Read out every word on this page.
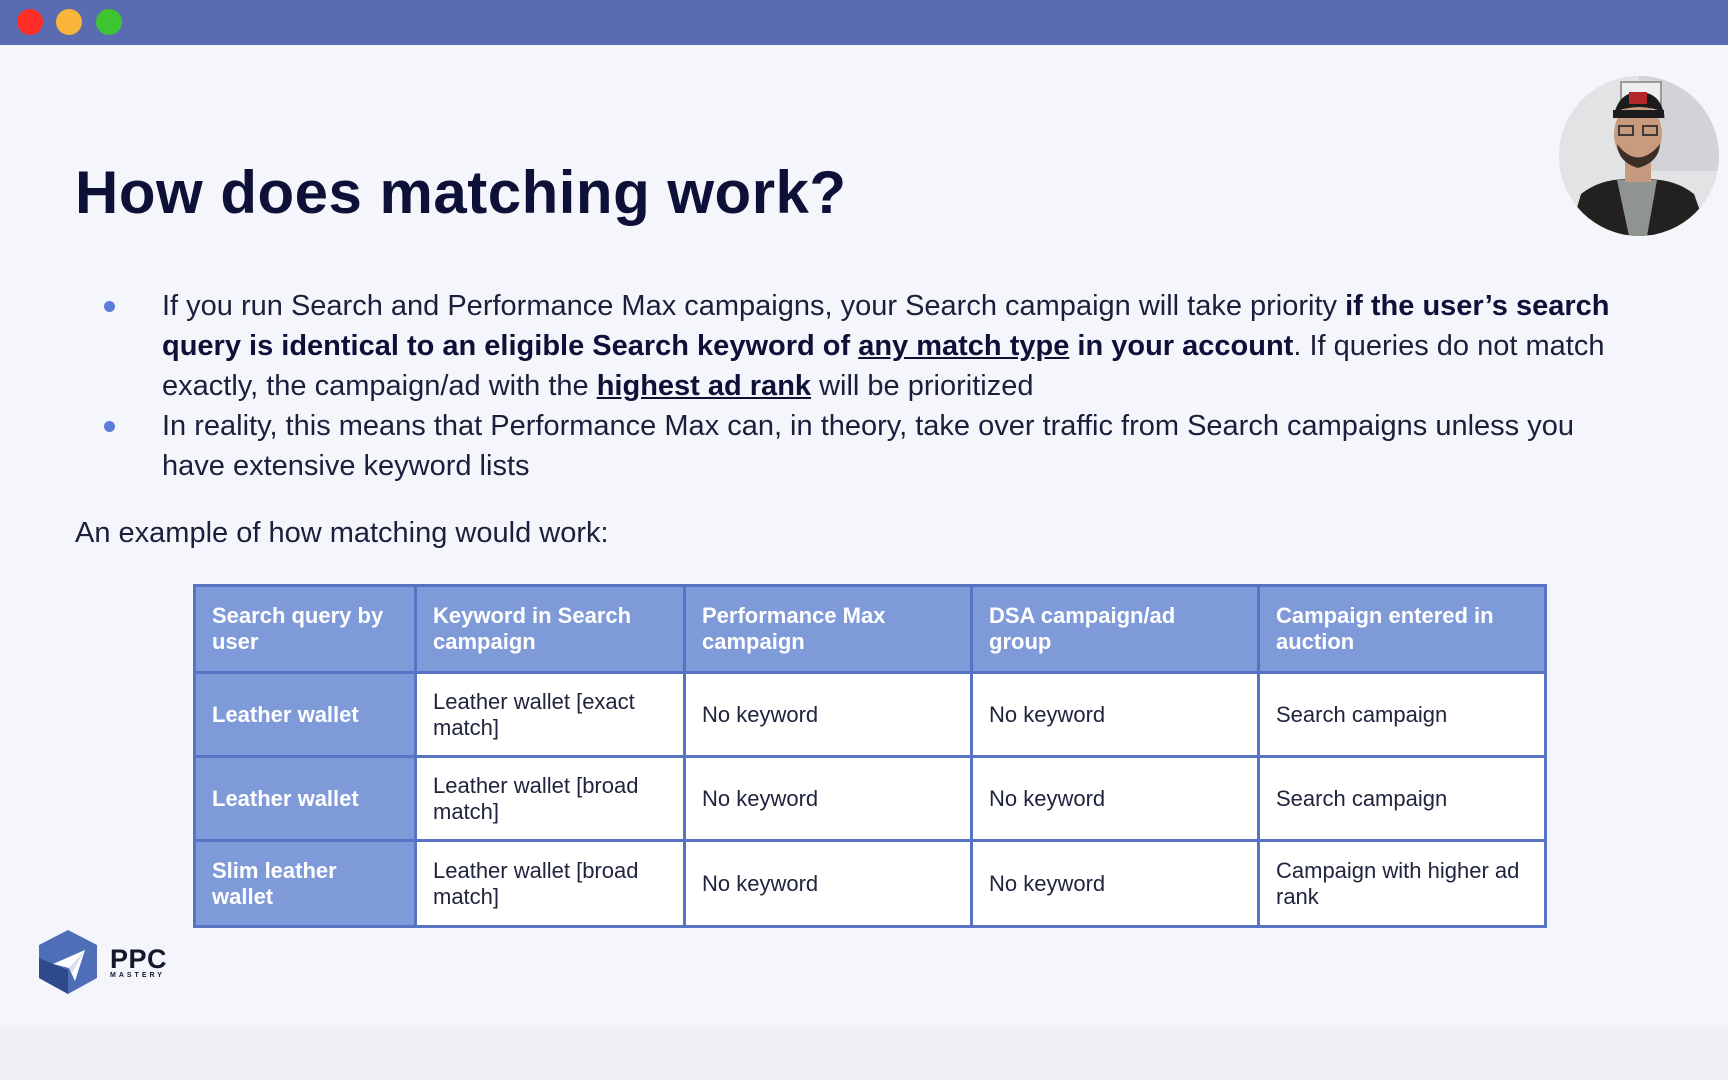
How does matching work?
If you run Search and Performance Max campaigns, your Search campaign will take priority if the user’s search query is identical to an eligible Search keyword of any match type in your account. If queries do not match exactly, the campaign/ad with the highest ad rank will be prioritized
In reality, this means that Performance Max can, in theory, take over traffic from Search campaigns unless you have extensive keyword lists
An example of how matching would work:
Search query by user	Keyword in Search campaign	Performance Max campaign	DSA campaign/ad group	Campaign entered in auction
Leather wallet	Leather wallet [exact match]	No keyword	No keyword	Search campaign
Leather wallet	Leather wallet [broad match]	No keyword	No keyword	Search campaign
Slim leather wallet	Leather wallet [broad match]	No keyword	No keyword	Campaign with higher ad rank
PPC
MASTERY
